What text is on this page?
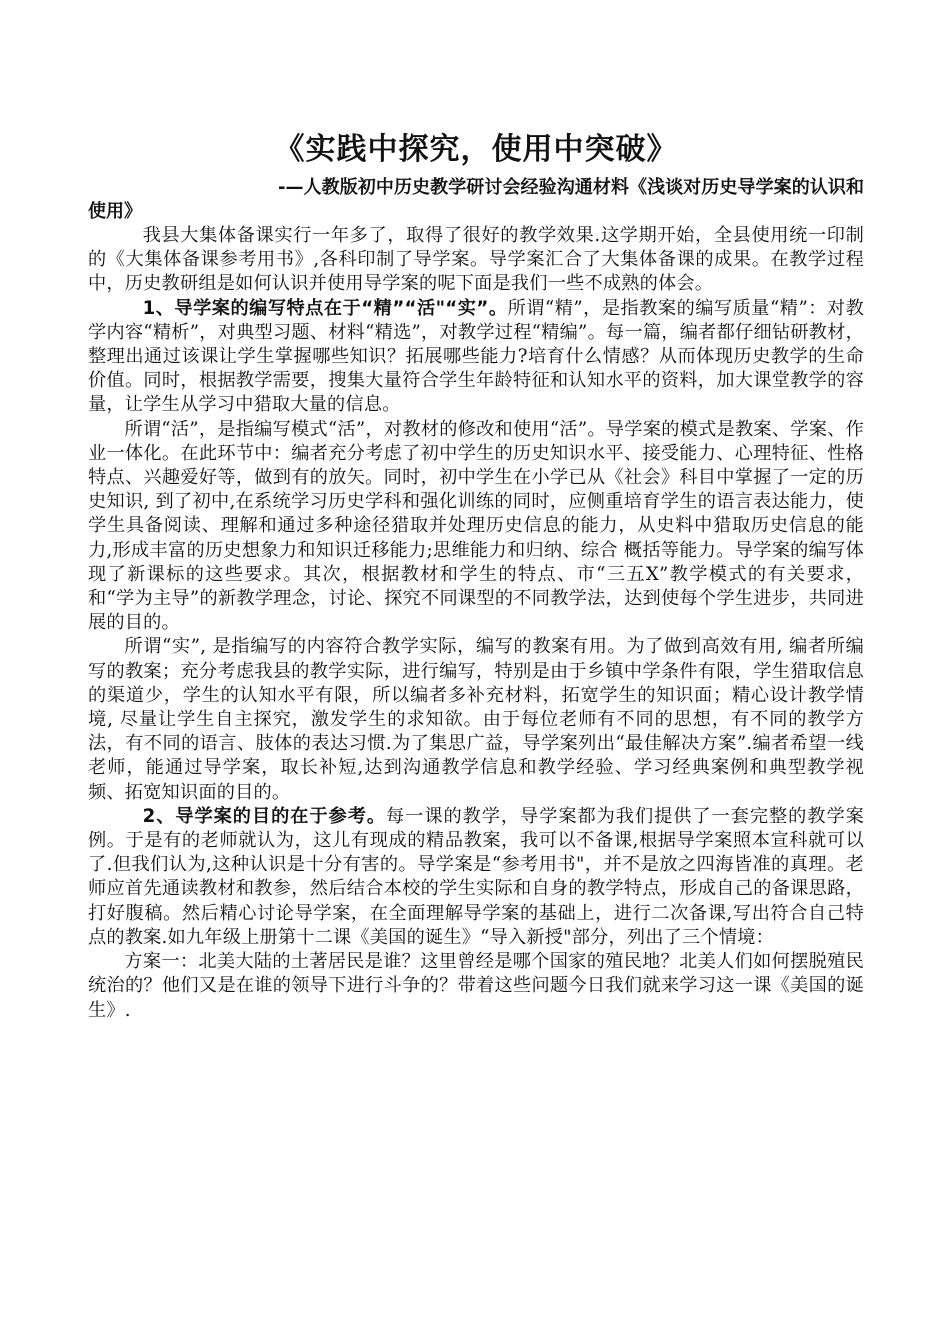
《实践中探究，使用中突破》

-—人教版初中历史教学研讨会经验沟通材料《浅谈对历史导学案的认识和使用》

我县大集体备课实行一年多了，取得了很好的教学效果.这学期开始，全县使用统一印制的《大集体备课参考用书》,各科印制了导学案。导学案汇合了大集体备课的成果。在教学过程中，历史教研组是如何认识并使用导学案的呢下面是我们一些不成熟的体会。

1、导学案的编写特点在于“精”“活"“实”。所谓“精”，是指教案的编写质量“精”：对教学内容“精析”，对典型习题、材料“精选”，对教学过程“精编”。每一篇，编者都仔细钻研教材，整理出通过该课让学生掌握哪些知识？拓展哪些能力?培育什么情感？从而体现历史教学的生命价值。同时，根据教学需要，搜集大量符合学生年龄特征和认知水平的资料，加大课堂教学的容量，让学生从学习中猎取大量的信息。

所谓“活”，是指编写模式“活”，对教材的修改和使用“活”。导学案的模式是教案、学案、作业一体化。在此环节中：编者充分考虑了初中学生的历史知识水平、接受能力、心理特征、性格特点、兴趣爱好等，做到有的放矢。同时，初中学生在小学已从《社会》科目中掌握了一定的历史知识, 到了初中,在系统学习历史学科和强化训练的同时，应侧重培育学生的语言表达能力，使学生具备阅读、理解和通过多种途径猎取并处理历史信息的能力，从史料中猎取历史信息的能力,形成丰富的历史想象力和知识迁移能力;思维能力和归纳、综合 概括等能力。导学案的编写体现了新课标的这些要求。其次，根据教材和学生的特点、市“三五X”教学模式的有关要求，和“学为主导”的新教学理念，讨论、探究不同课型的不同教学法，达到使每个学生进步，共同进展的目的。

所谓“实”, 是指编写的内容符合教学实际，编写的教案有用。为了做到高效有用, 编者所编写的教案；充分考虑我县的教学实际，进行编写，特别是由于乡镇中学条件有限，学生猎取信息的渠道少，学生的认知水平有限，所以编者多补充材料，拓宽学生的知识面；精心设计教学情境, 尽量让学生自主探究，激发学生的求知欲。由于每位老师有不同的思想，有不同的教学方法，有不同的语言、肢体的表达习惯.为了集思广益，导学案列出“最佳解决方案”.编者希望一线老师，能通过导学案，取长补短,达到沟通教学信息和教学经验、学习经典案例和典型教学视频、拓宽知识面的目的。

2、导学案的目的在于参考。每一课的教学，导学案都为我们提供了一套完整的教学案例。于是有的老师就认为，这儿有现成的精品教案，我可以不备课,根据导学案照本宣科就可以了.但我们认为,这种认识是十分有害的。导学案是“参考用书"，并不是放之四海皆准的真理。老师应首先通读教材和教参，然后结合本校的学生实际和自身的教学特点，形成自己的备课思路，打好腹稿。然后精心讨论导学案，在全面理解导学案的基础上，进行二次备课,写出符合自己特点的教案.如九年级上册第十二课《美国的诞生》“导入新授"部分，列出了三个情境：

方案一：北美大陆的土著居民是谁？这里曾经是哪个国家的殖民地？北美人们如何摆脱殖民统治的？他们又是在谁的领导下进行斗争的？带着这些问题今日我们就来学习这一课《美国的诞生》.
